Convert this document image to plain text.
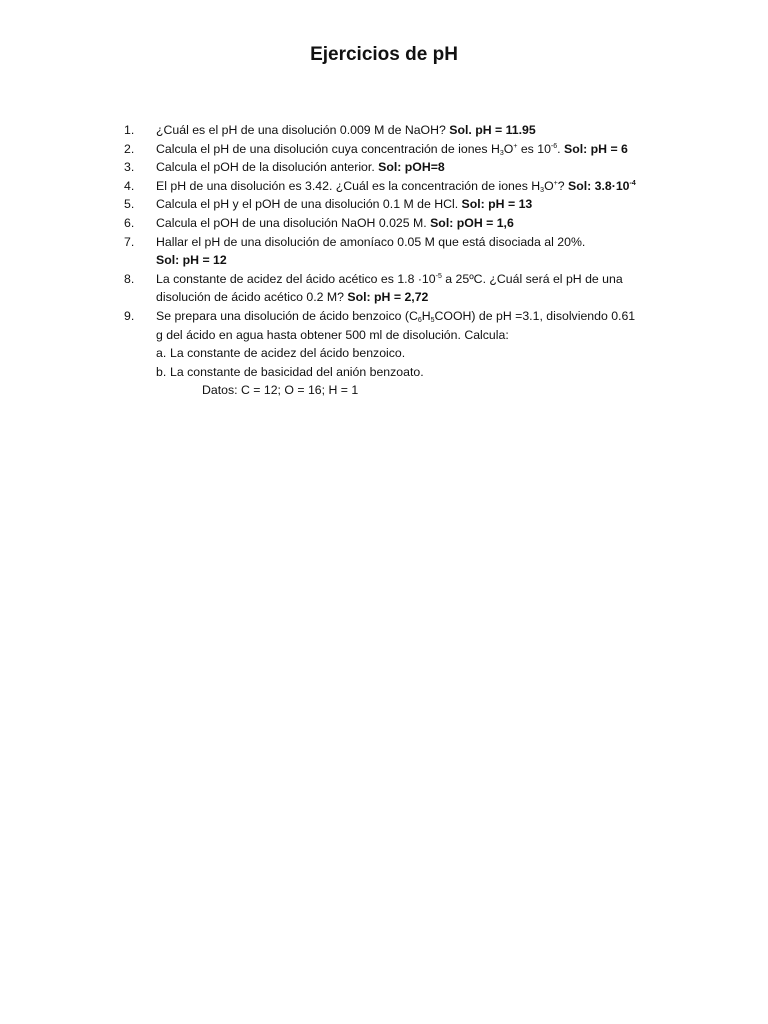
Ejercicios de pH
1.	¿Cuál es el pH de una disolución 0.009 M de NaOH? Sol. pH = 11.95
2.	Calcula el pH de una disolución cuya concentración de iones $H_3O^+$ es $10^{-6}$. Sol: pH = 6
3.	Calcula el pOH de la disolución anterior. Sol: pOH=8
4.	El pH de una disolución es 3.42. ¿Cuál es la concentración de iones $H_3O^+$? Sol: $3.8\cdot 10^{-4}$
5.	Calcula el pH y el pOH de una disolución 0.1 M de HCl. Sol: pH = 13
6.	Calcula el pOH de una disolución NaOH 0.025 M. Sol: pOH = 1,6
7.	Hallar el pH de una disolución de amoníaco 0.05 M que está disociada al 20%.
Sol: pH = 12
8.	La constante de acidez del ácido acético es $1.8 \cdot 10^{-5}$ a 25ºC. ¿Cuál será el pH de una
disolución de ácido acético 0.2 M? Sol: pH = 2,72
9.	Se prepara una disolución de ácido benzoico $(C_6H_5COOH)$ de pH =3.1, disolviendo 0.61
g del ácido en agua hasta obtener 500 ml de disolución. Calcula:
a. La constante de acidez del ácido benzoico.
b. La constante de basicidad del anión benzoato.
Datos: C = 12; O = 16; H = 1
